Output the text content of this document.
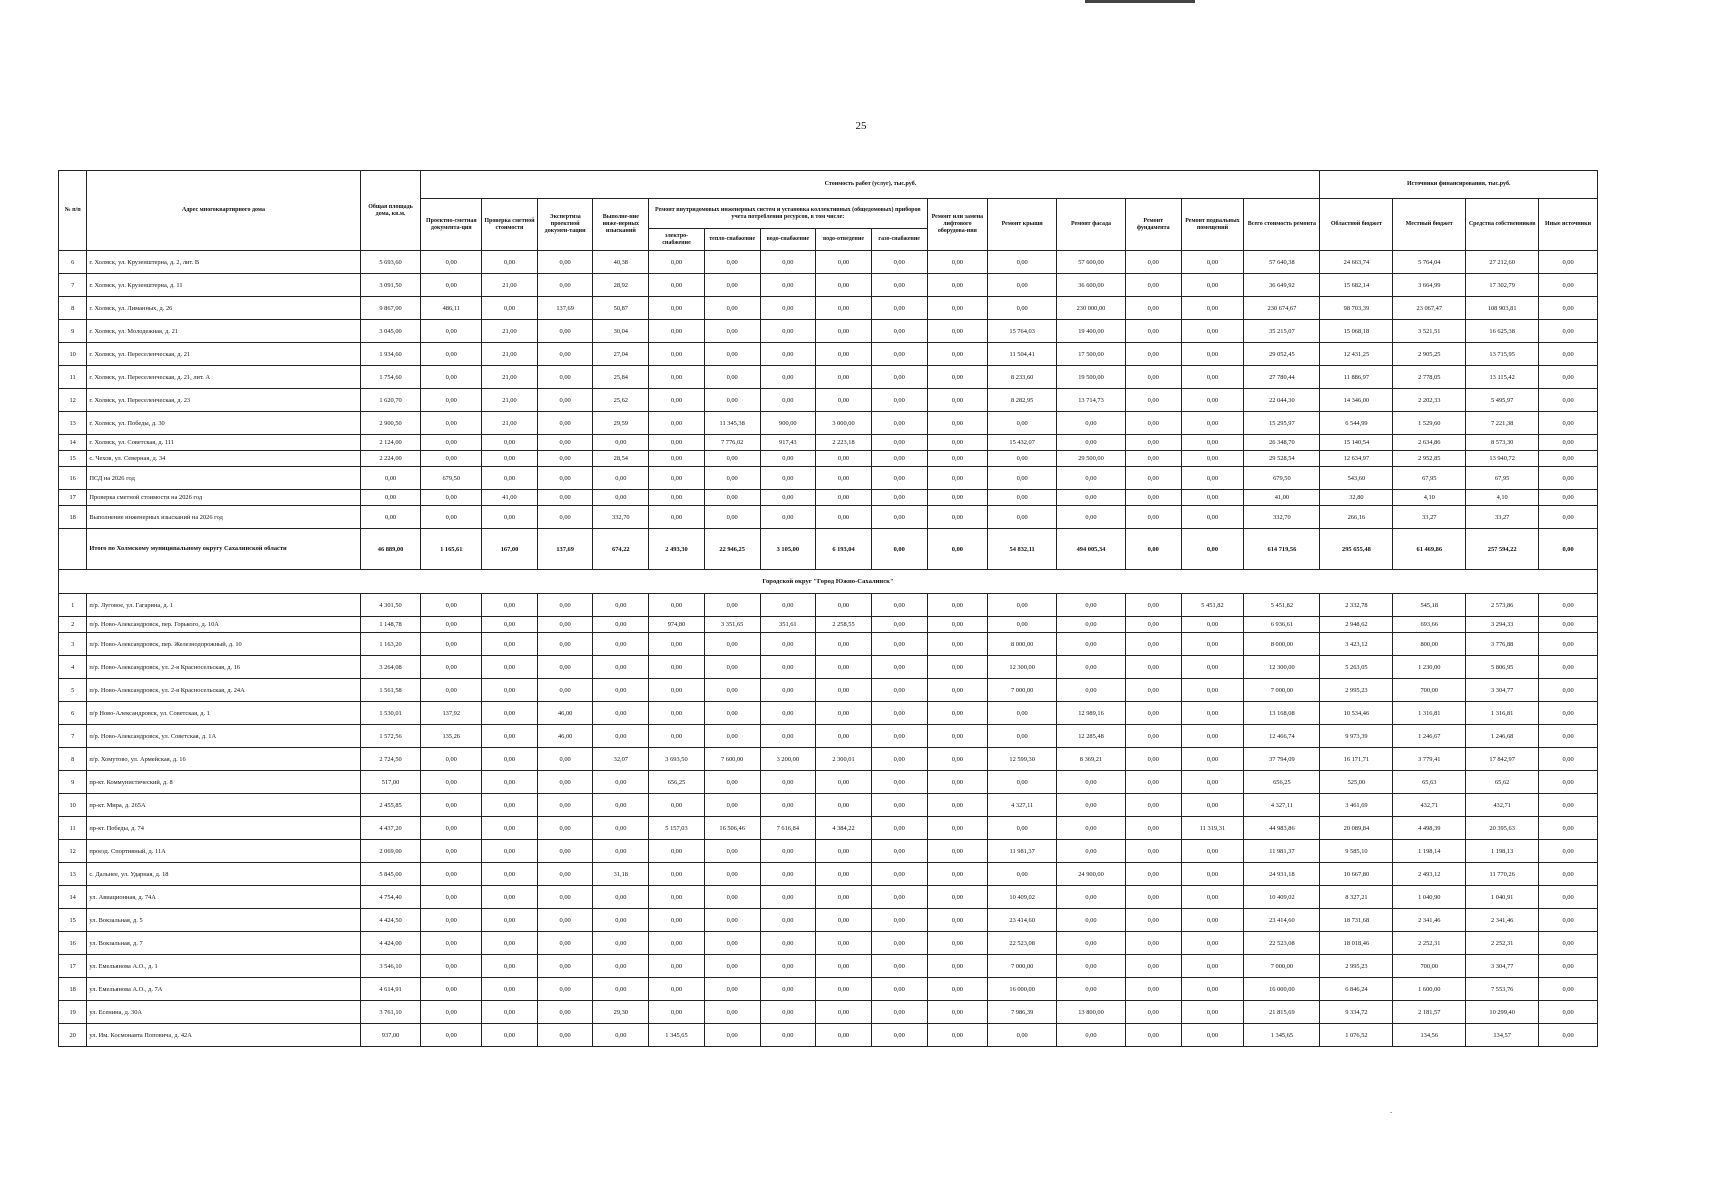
25
№ п/п	Адрес многоквартирного дома	Общая площадь дома, кв.м.	Стоимость работ (услуг), тыс.руб.															Источники финансирования, тыс.руб.			
			Проектно-сметная документа-ция	Проверка сметной стоимости	Экспертиза проектной докумен-тации	Выполне-ние инже-нерных изысканий	Ремонт внутридомовых инженерных систем и установка коллективных (общедомовых) приборов учета потребления ресурсов, в том числе:					Ремонт или замена лифтового оборудова-ния	Ремонт крыши	Ремонт фасада	Ремонт фундамента	Ремонт подвальных помещений	Всего стоимость ремонта	Областной бюджет	Местный бюджет	Средства собственников	Иные источники
							электро-снабжение	тепло-снабжение	водо-снабжение	водо-отведение	газо-снабжение										
6	г. Холмск, ул. Крузенштерна, д. 2, лит. В	5 693,60	0,00	0,00	0,00	40,38	0,00	0,00	0,00	0,00	0,00	0,00	0,00	57 600,00	0,00	0,00	57 640,38	24 663,74	5 764,04	27 212,60	0,00
7	г. Холмск, ул. Крузенштерна, д. 11	3 091,50	0,00	21,00	0,00	28,92	0,00	0,00	0,00	0,00	0,00	0,00	0,00	36 600,00	0,00	0,00	36 649,92	15 682,14	3 664,99	17 302,79	0,00
8	г. Холмск, ул. Лиманных, д. 26	9 867,00	486,11	0,00	137,69	50,87	0,00	0,00	0,00	0,00	0,00	0,00	0,00	230 000,00	0,00	0,00	230 674,67	98 703,39	23 067,47	108 903,81	0,00
9	г. Холмск, ул. Молодежная, д. 21	3 045,00	0,00	21,00	0,00	30,04	0,00	0,00	0,00	0,00	0,00	0,00	15 764,03	19 400,00	0,00	0,00	35 215,07	15 068,18	3 521,51	16 625,38	0,00
10	г. Холмск, ул. Переселенческая, д. 21	1 934,60	0,00	21,00	0,00	27,04	0,00	0,00	0,00	0,00	0,00	0,00	11 504,41	17 500,00	0,00	0,00	29 052,45	12 431,25	2 905,25	13 715,95	0,00
11	г. Холмск, ул. Переселенческая, д. 21, лит. А	1 754,60	0,00	21,00	0,00	25,84	0,00	0,00	0,00	0,00	0,00	0,00	8 233,60	19 500,00	0,00	0,00	27 780,44	11 886,97	2 778,05	13 115,42	0,00
12	г. Холмск, ул. Переселенческая, д. 23	1 620,70	0,00	21,00	0,00	25,62	0,00	0,00	0,00	0,00	0,00	0,00	8 282,95	13 714,73	0,00	0,00	22 044,30	14 346,00	2 202,33	5 495,97	0,00
13	г. Холмск, ул. Победы, д. 30	2 900,50	0,00	21,00	0,00	29,59	0,00	11 345,38	900,00	3 000,00	0,00	0,00	0,00	0,00	0,00	0,00	15 295,97	6 544,99	1 529,60	7 221,38	0,00
14	г. Холмск, ул. Советская, д. 111	2 124,00	0,00	0,00	0,00	0,00	0,00	7 776,02	917,43	2 223,18	0,00	0,00	15 432,07	0,00	0,00	0,00	26 348,70	15 140,54	2 634,86	8 573,30	0,00
15	с. Чехов, ул. Северная, д. 34	2 224,00	0,00	0,00	0,00	28,54	0,00	0,00	0,00	0,00	0,00	0,00	0,00	29 500,00	0,00	0,00	29 528,54	12 634,97	2 952,85	13 940,72	0,00
16	ПСД на 2026 год	0,00	679,50	0,00	0,00	0,00	0,00	0,00	0,00	0,00	0,00	0,00	0,00	0,00	0,00	0,00	679,50	543,60	67,95	67,95	0,00
17	Проверка сметной стоимости на 2026 год	0,00	0,00	41,00	0,00	0,00	0,00	0,00	0,00	0,00	0,00	0,00	0,00	0,00	0,00	0,00	41,00	32,80	4,10	4,10	0,00
18	Выполнение инженерных изысканий на 2026 год	0,00	0,00	0,00	0,00	332,70	0,00	0,00	0,00	0,00	0,00	0,00	0,00	0,00	0,00	0,00	332,70	266,16	33,27	33,27	0,00
	Итого по Холмскому муниципальному округу Сахалинской области	46 889,00	1 165,61	167,00	137,69	674,22	2 493,30	22 946,25	3 105,00	6 193,04	0,00	0,00	54 832,11	494 005,34	0,00	0,00	614 719,56	295 655,48	61 469,86	257 594,22	0,00
Городской округ "Город Южно-Сахалинск"																					
1	п/р. Луговое, ул. Гагарина, д. 1	4 301,50	0,00	0,00	0,00	0,00	0,00	0,00	0,00	0,00	0,00	0,00	0,00	0,00	0,00	5 451,82	5 451,82	2 332,78	545,18	2 573,86	0,00
2	п/р. Ново-Александровск, пер. Горького, д. 10А	1 148,78	0,00	0,00	0,00	0,00	974,80	3 351,65	351,61	2 258,55	0,00	0,00	0,00	0,00	0,00	0,00	6 936,61	2 948,62	693,66	3 294,33	0,00
3	п/р. Ново-Александровск, пер. Железнодорожный, д. 10	1 163,20	0,00	0,00	0,00	0,00	0,00	0,00	0,00	0,00	0,00	0,00	8 000,00	0,00	0,00	0,00	8 000,00	3 423,12	800,00	3 776,88	0,00
4	п/р. Ново-Александровск, ул. 2-я Красносельская, д. 16	3 264,08	0,00	0,00	0,00	0,00	0,00	0,00	0,00	0,00	0,00	0,00	12 300,00	0,00	0,00	0,00	12 300,00	5 263,05	1 230,00	5 806,95	0,00
5	п/р. Ново-Александровск, ул. 2-я Красносельская, д. 24А	1 561,58	0,00	0,00	0,00	0,00	0,00	0,00	0,00	0,00	0,00	0,00	7 000,00	0,00	0,00	0,00	7 000,00	2 995,23	700,00	3 304,77	0,00
6	п/р Ново-Александровск, ул. Советская, д. 1	1 530,01	137,92	0,00	46,00	0,00	0,00	0,00	0,00	0,00	0,00	0,00	0,00	12 989,16	0,00	0,00	13 168,08	10 534,46	1 316,81	1 316,81	0,00
7	п/р. Ново-Александровск, ул. Советская, д. 1А	1 572,56	135,26	0,00	46,00	0,00	0,00	0,00	0,00	0,00	0,00	0,00	0,00	12 285,48	0,00	0,00	12 466,74	9 973,39	1 246,67	1 246,68	0,00
8	п/р. Хомутово, ул. Армейская, д. 16	2 724,50	0,00	0,00	0,00	32,07	3 693,50	7 600,00	3 200,00	2 300,01	0,00	0,00	12 599,30	8 369,21	0,00	0,00	37 794,09	16 171,71	3 779,41	17 842,97	0,00
9	пр-кт. Коммунистический, д. 8	517,00	0,00	0,00	0,00	0,00	656,25	0,00	0,00	0,00	0,00	0,00	0,00	0,00	0,00	0,00	656,25	525,00	65,63	65,62	0,00
10	пр-кт. Мира, д. 265А	2 455,85	0,00	0,00	0,00	0,00	0,00	0,00	0,00	0,00	0,00	0,00	4 327,11	0,00	0,00	0,00	4 327,11	3 461,69	432,71	432,71	0,00
11	пр-кт. Победы, д. 74	4 437,20	0,00	0,00	0,00	0,00	5 157,03	16 506,46	7 616,84	4 384,22	0,00	0,00	0,00	0,00	0,00	11 319,31	44 983,86	20 089,84	4 498,39	20 395,63	0,00
12	проезд. Спортивный, д. 11А	2 069,00	0,00	0,00	0,00	0,00	0,00	0,00	0,00	0,00	0,00	0,00	11 981,37	0,00	0,00	0,00	11 981,37	9 585,10	1 198,14	1 198,13	0,00
13	с. Дальнее, ул. Ударная, д. 18	5 845,00	0,00	0,00	0,00	31,18	0,00	0,00	0,00	0,00	0,00	0,00	0,00	24 900,00	0,00	0,00	24 931,18	10 667,80	2 493,12	11 770,26	0,00
14	ул. Авиационная, д. 74А	4 754,40	0,00	0,00	0,00	0,00	0,00	0,00	0,00	0,00	0,00	0,00	10 409,02	0,00	0,00	0,00	10 409,02	8 327,21	1 040,90	1 040,91	0,00
15	ул. Вокзальная, д. 5	4 424,50	0,00	0,00	0,00	0,00	0,00	0,00	0,00	0,00	0,00	0,00	23 414,60	0,00	0,00	0,00	23 414,60	18 731,68	2 341,46	2 341,46	0,00
16	ул. Вокзальная, д. 7	4 424,00	0,00	0,00	0,00	0,00	0,00	0,00	0,00	0,00	0,00	0,00	22 523,08	0,00	0,00	0,00	22 523,08	18 018,46	2 252,31	2 252,31	0,00
17	ул. Емельянова А.О., д. 1	3 546,10	0,00	0,00	0,00	0,00	0,00	0,00	0,00	0,00	0,00	0,00	7 000,00	0,00	0,00	0,00	7 000,00	2 995,23	700,00	3 304,77	0,00
18	ул. Емельянова А.О., д. 7А	4 614,91	0,00	0,00	0,00	0,00	0,00	0,00	0,00	0,00	0,00	0,00	16 000,00	0,00	0,00	0,00	16 000,00	6 846,24	1 600,00	7 553,76	0,00
19	ул. Есенина, д. 30А	3 761,10	0,00	0,00	0,00	29,30	0,00	0,00	0,00	0,00	0,00	0,00	7 986,39	13 800,00	0,00	0,00	21 815,69	9 334,72	2 181,57	10 299,40	0,00
20	ул. Им. Космонавта Поповича, д. 42А	937,00	0,00	0,00	0,00	0,00	1 345,65	0,00	0,00	0,00	0,00	0,00	0,00	0,00	0,00	0,00	1 345,65	1 076,52	134,56	134,57	0,00
.
